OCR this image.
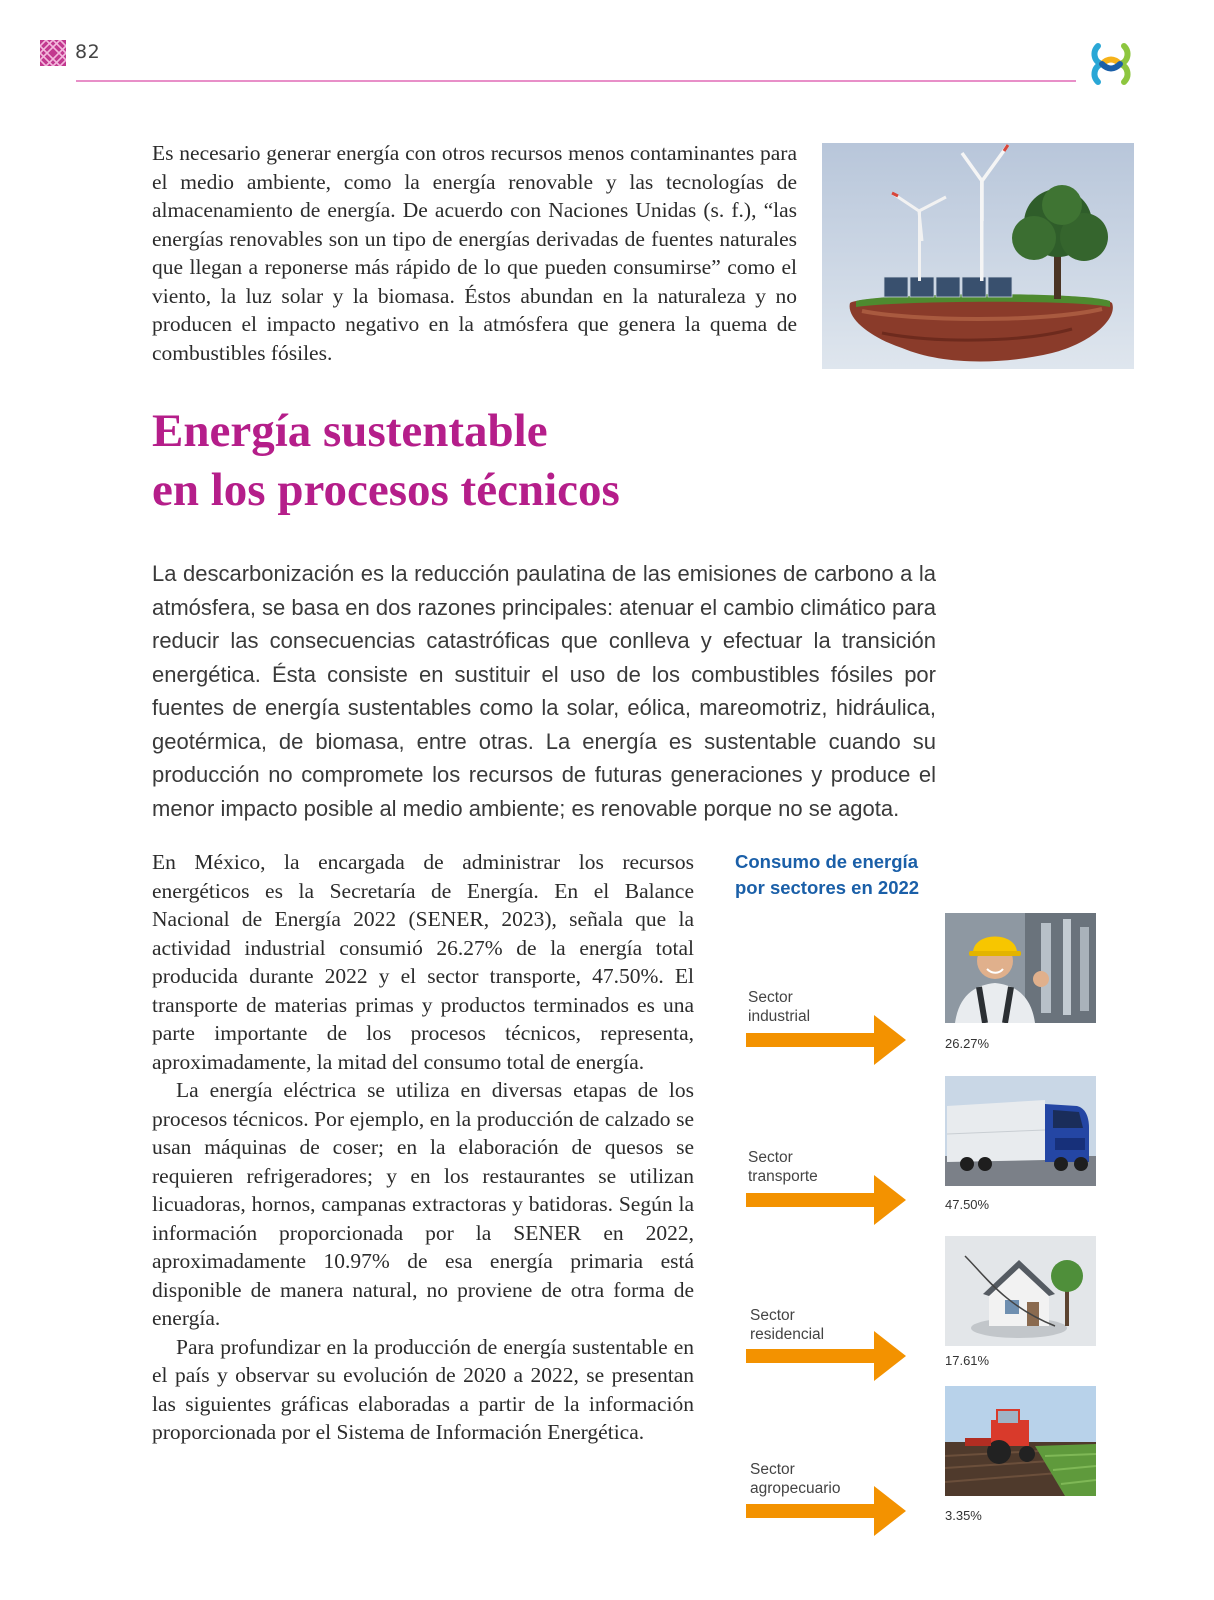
82

Es necesario generar energía con otros recursos menos contaminantes para el medio ambiente, como la energía renovable y las tecnologías de almacenamiento de energía. De acuerdo con Naciones Unidas (s. f.), “las energías renovables son un tipo de energías derivadas de fuentes naturales que llegan a reponerse más rápido de lo que pueden consumirse” como el viento, la luz solar y la biomasa. Éstos abundan en la naturaleza y no producen el impacto negativo en la atmósfera que genera la quema de combustibles fósiles.

Energía sustentable
en los procesos técnicos

La descarbonización es la reducción paulatina de las emisiones de carbono a la atmósfera, se basa en dos razones principales: atenuar el cambio climático para reducir las consecuencias catastróficas que conlleva y efectuar la transición energética. Ésta consiste en sustituir el uso de los combustibles fósiles por fuentes de energía sustentables como la solar, eólica, mareomotriz, hidráulica, geotérmica, de biomasa, entre otras. La energía es sustentable cuando su producción no compromete los recursos de futuras generaciones y produce el menor impacto posible al medio ambiente; es renovable porque no se agota.

En México, la encargada de administrar los recursos energéticos es la Secretaría de Energía. En el Balance Nacional de Energía 2022 (SENER, 2023), señala que la actividad industrial consumió 26.27% de la energía total producida durante 2022 y el sector transporte, 47.50%. El transporte de materias primas y productos terminados es una parte importante de los procesos técnicos, representa, aproximadamente, la mitad del consumo total de energía.

La energía eléctrica se utiliza en diversas etapas de los procesos técnicos. Por ejemplo, en la producción de calzado se usan máquinas de coser; en la elaboración de quesos se requieren refrigeradores; y en los restaurantes se utilizan licuadoras, hornos, campanas extractoras y batidoras. Según la información proporcionada por la SENER en 2022, aproximadamente 10.97% de esa energía primaria está disponible de manera natural, no proviene de otra forma de energía.

Para profundizar en la producción de energía sustentable en el país y observar su evolución de 2020 a 2022, se presentan las siguientes gráficas elaboradas a partir de la información proporcionada por el Sistema de Información Energética.

Consumo de energía
por sectores en 2022
Sector
industrial
26.27%
Sector
transporte
47.50%
Sector
residencial
17.61%
Sector
agropecuario
3.35%
